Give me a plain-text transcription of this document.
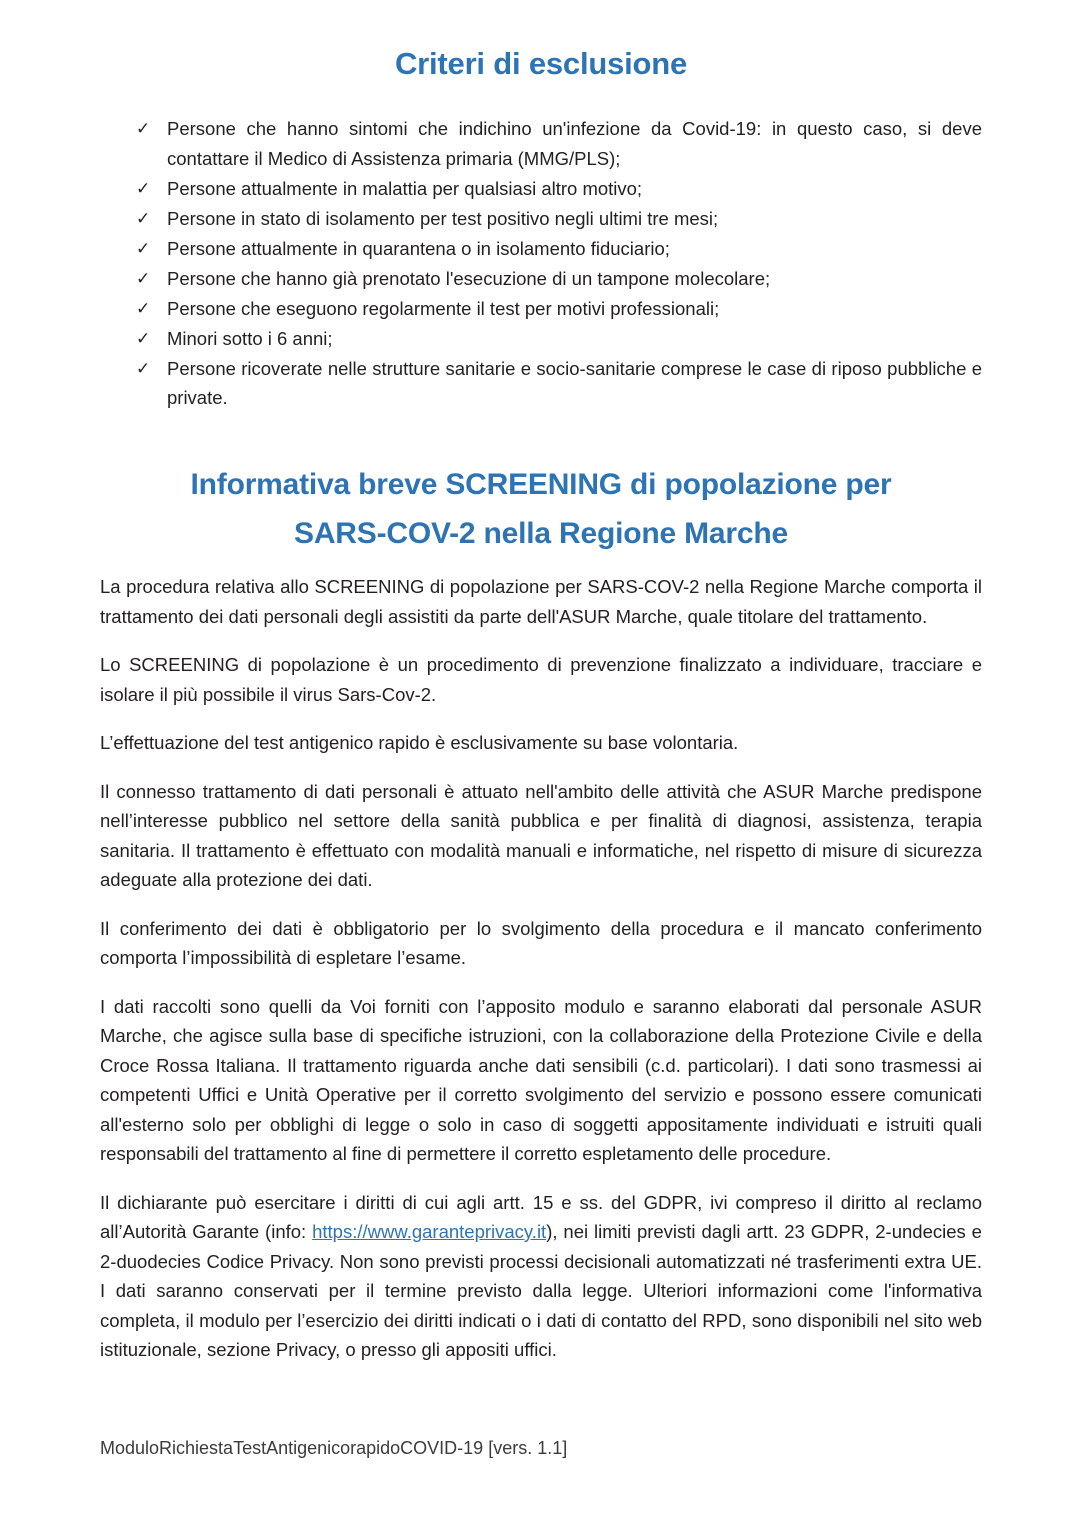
Criteri di esclusione
✓ Persone che hanno sintomi che indichino un'infezione da Covid-19: in questo caso, si deve contattare il Medico di Assistenza primaria (MMG/PLS);
✓ Persone attualmente in malattia per qualsiasi altro motivo;
✓ Persone in stato di isolamento per test positivo negli ultimi tre mesi;
✓ Persone attualmente in quarantena o in isolamento fiduciario;
✓ Persone che hanno già prenotato l'esecuzione di un tampone molecolare;
✓ Persone che eseguono regolarmente il test per motivi professionali;
✓ Minori sotto i 6 anni;
✓ Persone ricoverate nelle strutture sanitarie e socio-sanitarie comprese le case di riposo pubbliche e private.
Informativa breve SCREENING di popolazione per
SARS-COV-2 nella Regione Marche

La procedura relativa allo SCREENING di popolazione per SARS-COV-2 nella Regione Marche comporta il trattamento dei dati personali degli assistiti da parte dell'ASUR Marche, quale titolare del trattamento.

Lo SCREENING di popolazione è un procedimento di prevenzione finalizzato a individuare, tracciare e isolare il più possibile il virus Sars-Cov-2.

L’effettuazione del test antigenico rapido è esclusivamente su base volontaria.

Il connesso trattamento di dati personali è attuato nell'ambito delle attività che ASUR Marche predispone nell’interesse pubblico nel settore della sanità pubblica e per finalità di diagnosi, assistenza, terapia sanitaria. Il trattamento è effettuato con modalità manuali e informatiche, nel rispetto di misure di sicurezza adeguate alla protezione dei dati.

Il conferimento dei dati è obbligatorio per lo svolgimento della procedura e il mancato conferimento comporta l’impossibilità di espletare l’esame.

I dati raccolti sono quelli da Voi forniti con l’apposito modulo e saranno elaborati dal personale ASUR Marche, che agisce sulla base di specifiche istruzioni, con la collaborazione della Protezione Civile e della Croce Rossa Italiana. Il trattamento riguarda anche dati sensibili (c.d. particolari). I dati sono trasmessi ai competenti Uffici e Unità Operative per il corretto svolgimento del servizio e possono essere comunicati all'esterno solo per obblighi di legge o solo in caso di soggetti appositamente individuati e istruiti quali responsabili del trattamento al fine di permettere il corretto espletamento delle procedure.

Il dichiarante può esercitare i diritti di cui agli artt. 15 e ss. del GDPR, ivi compreso il diritto al reclamo all’Autorità Garante (info: https://www.garanteprivacy.it), nei limiti previsti dagli artt. 23 GDPR, 2-undecies e 2-duodecies Codice Privacy. Non sono previsti processi decisionali automatizzati né trasferimenti extra UE. I dati saranno conservati per il termine previsto dalla legge. Ulteriori informazioni come l'informativa completa, il modulo per l’esercizio dei diritti indicati o i dati di contatto del RPD, sono disponibili nel sito web istituzionale, sezione Privacy, o presso gli appositi uffici.

ModuloRichiestaTestAntigenicorapidoCOVID-19 [vers. 1.1]
